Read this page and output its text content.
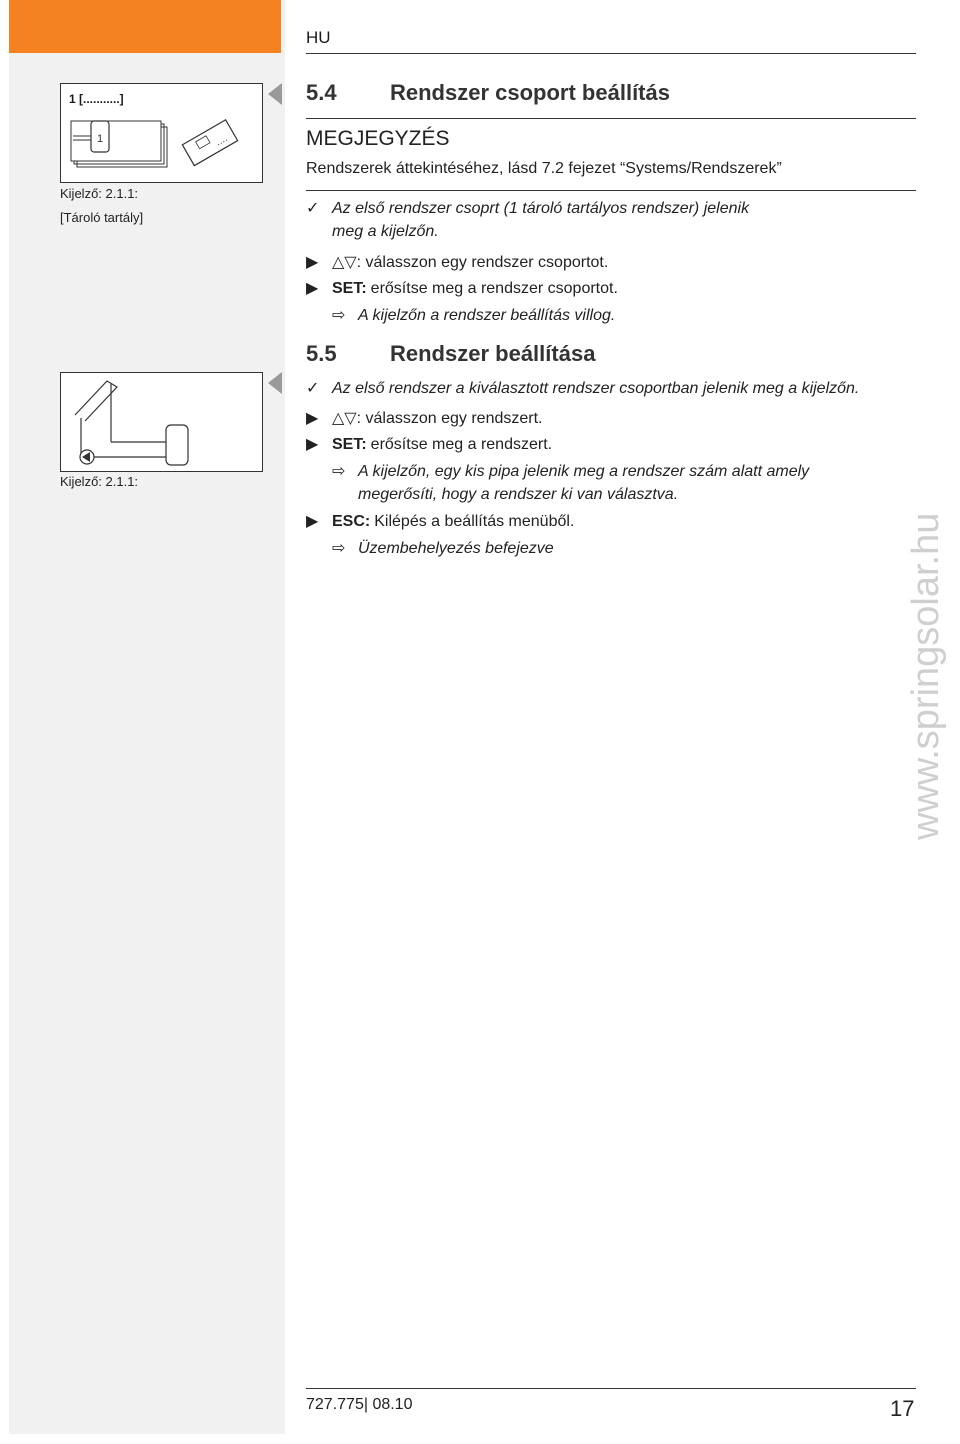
HU
1 [...........]
1
Kijelző: 2.1.1:
[Tároló tartály]
Kijelző: 2.1.1:
5.4 Rendszer csoport beállítás
MEGJEGYZÉS
Rendszerek áttekintéséhez, lásd 7.2 fejezet “Systems/Rendszerek”
✓ Az első rendszer csoprt (1 tároló tartályos rendszer) jelenik
meg a kijelzőn.
▶ △▽: válasszon egy rendszer csoportot.
▶ SET: erősítse meg a rendszer csoportot.
⇨ A kijelzőn a rendszer beállítás villog.
5.5 Rendszer beállítása
✓ Az első rendszer a kiválasztott rendszer csoportban jelenik meg a kijelzőn.
▶ △▽: válasszon egy rendszert.
▶ SET: erősítse meg a rendszert.
⇨ A kijelzőn, egy kis pipa jelenik meg a rendszer szám alatt amely
megerősíti, hogy a rendszer ki van választva.
▶ ESC: Kilépés a beállítás menüből.
⇨ Üzembehelyezés befejezve	www.springsolar.hu
727.775| 08.10	17
